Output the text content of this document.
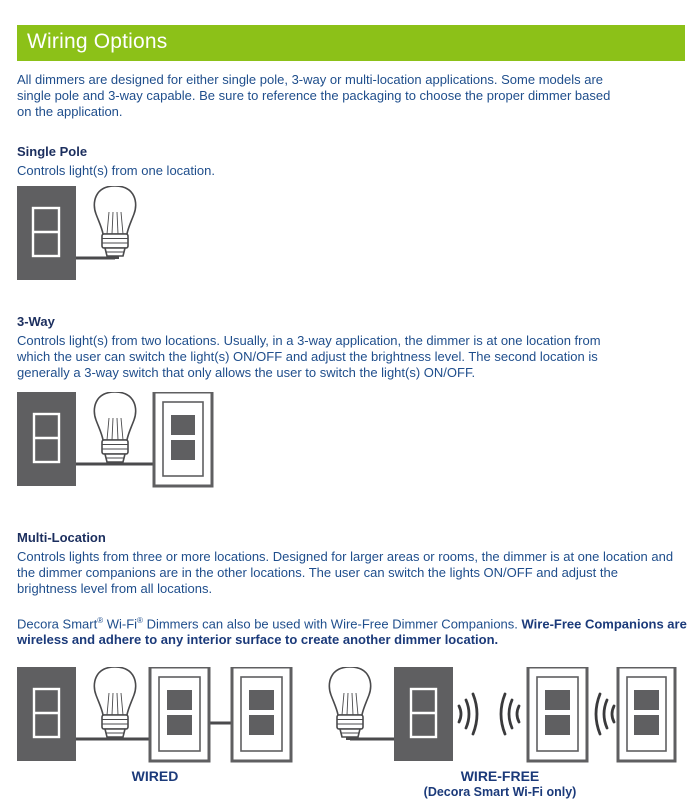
Wiring Options

All dimmers are designed for either single pole, 3-way or multi-location applications. Some models are single pole and 3-way capable. Be sure to reference the packaging to choose the proper dimmer based on the application.

Single Pole

Controls light(s) from one location.

3-Way

Controls light(s) from two locations. Usually, in a 3-way application, the dimmer is at one location from which the user can switch the light(s) ON/OFF and adjust the brightness level. The second location is generally a 3-way switch that only allows the user to switch the light(s) ON/OFF.

Multi-Location

Controls lights from three or more locations. Designed for larger areas or rooms, the dimmer is at one location and the dimmer companions are in the other locations. The user can switch the lights ON/OFF and adjust the brightness level from all locations.

Decora Smart® Wi-Fi® Dimmers can also be used with Wire-Free Dimmer Companions. Wire-Free Companions are wireless and adhere to any interior surface to create another dimmer location.

WIRED	WIRE-FREE
(Decora Smart Wi-Fi only)
